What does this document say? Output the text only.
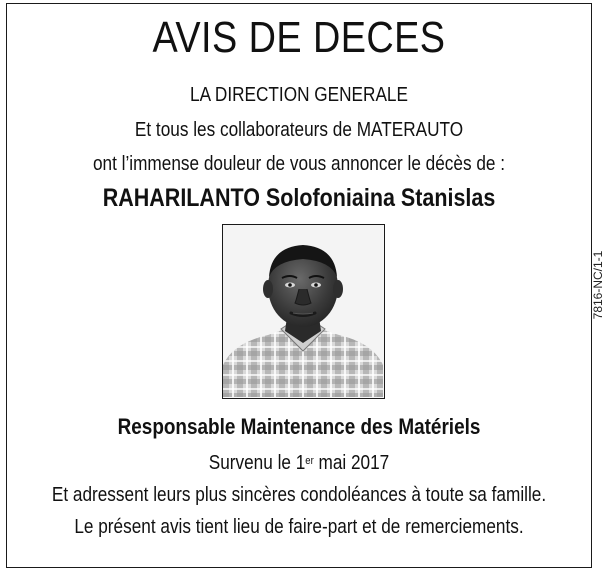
AVIS DE DECES
LA DIRECTION GENERALE
Et tous les collaborateurs de MATERAUTO
ont l’immense douleur de vous annoncer le décès de :
RAHARILANTO Solofoniaina Stanislas
Responsable Maintenance des Matériels
Survenu le 1er mai 2017
Et adressent leurs plus sincères condoléances à toute sa famille.
Le présent avis tient lieu de faire-part et de remerciements.
7816-NC/1-1
